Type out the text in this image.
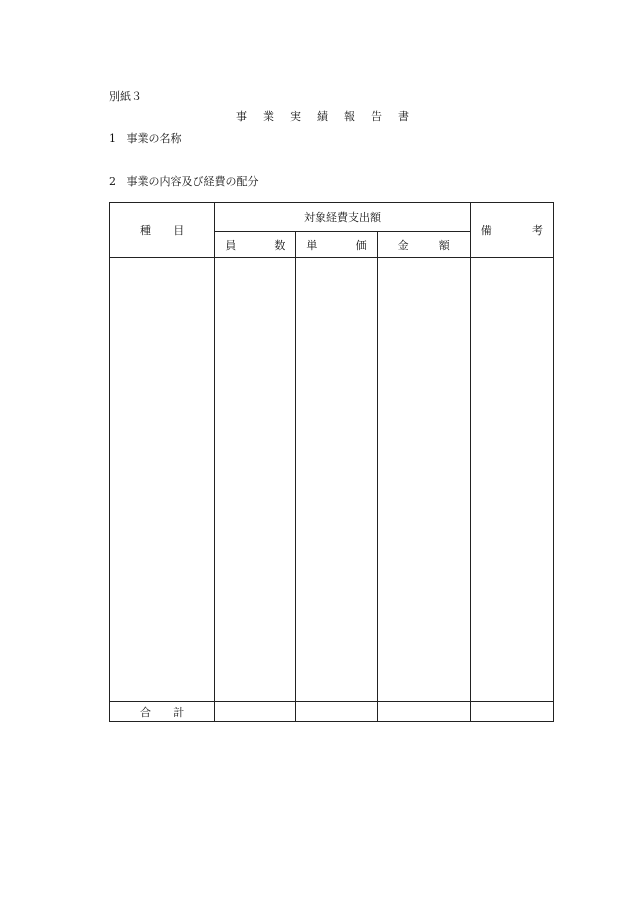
別紙３
事 業 実 績 報 告 書
1 事業の名称
2 事業の内容及び経費の配分
種 目	対象経費支出額			備 考

	員 数	単 価	金 額	

合 計				
